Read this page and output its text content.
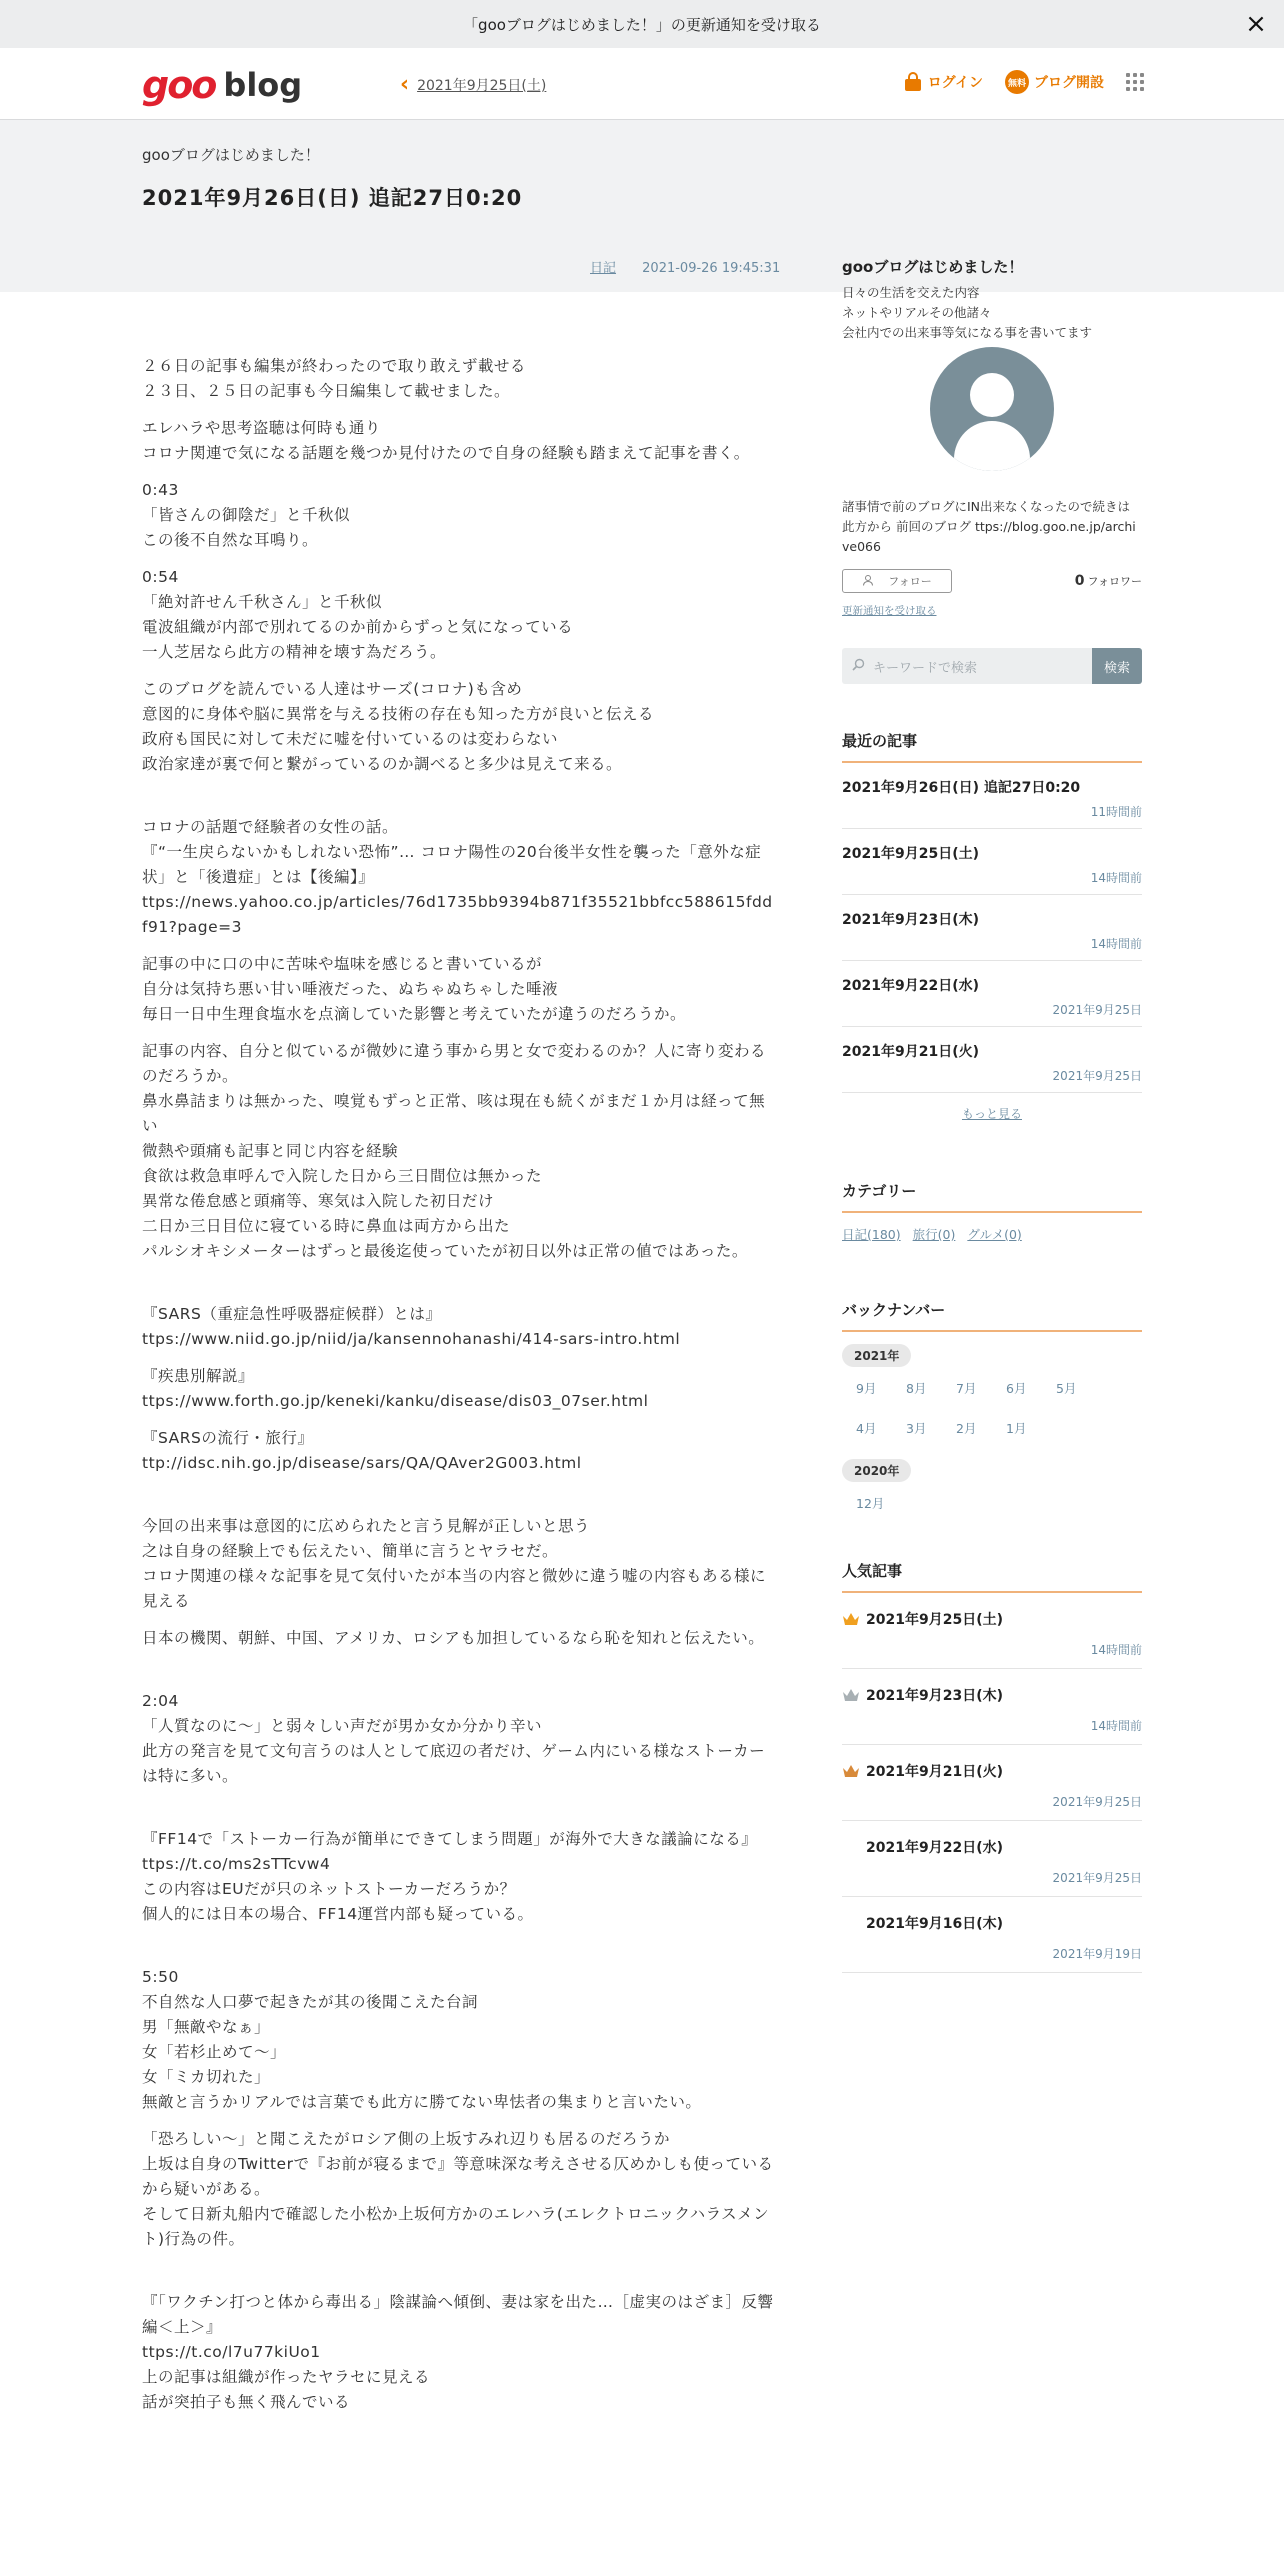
「gooブログはじめました！」の更新通知を受け取る	×
goo blog	‹ 2021年9月25日(土)	ログイン	無料 ブログ開設
gooブログはじめました！
2021年9月26日(日) 追記27日0:20
日記 2021-09-26 19:45:31

２６日の記事も編集が終わったので取り敢えず載せる
２３日、２５日の記事も今日編集して載せました。

エレハラや思考盗聴は何時も通り
コロナ関連で気になる話題を幾つか見付けたので自身の経験も踏まえて記事を書く。

0:43
「皆さんの御陰だ」と千秋似
この後不自然な耳鳴り。

0:54
「絶対許せん千秋さん」と千秋似
電波組織が内部で別れてるのか前からずっと気になっている
一人芝居なら此方の精神を壊す為だろう。

このブログを読んでいる人達はサーズ(コロナ)も含め
意図的に身体や脳に異常を与える技術の存在も知った方が良いと伝える
政府も国民に対して未だに嘘を付いているのは変わらない
政治家達が裏で何と繋がっているのか調べると多少は見えて来る。

コロナの話題で経験者の女性の話。
『“一生戻らないかもしれない恐怖”… コロナ陽性の20台後半女性を襲った「意外な症状」と「後遺症」とは【後編】』
ttps://news.yahoo.co.jp/articles/76d1735bb9394b871f35521bbfcc588615fddf91?page=3

記事の中に口の中に苦味や塩味を感じると書いているが
自分は気持ち悪い甘い唾液だった、ぬちゃぬちゃした唾液
毎日一日中生理食塩水を点滴していた影響と考えていたが違うのだろうか。

記事の内容、自分と似ているが微妙に違う事から男と女で変わるのか？人に寄り変わるのだろうか。
鼻水鼻詰まりは無かった、嗅覚もずっと正常、咳は現在も続くがまだ１か月は経って無い
微熱や頭痛も記事と同じ内容を経験
食欲は救急車呼んで入院した日から三日間位は無かった
異常な倦怠感と頭痛等、寒気は入院した初日だけ
二日か三日目位に寝ている時に鼻血は両方から出た
パルシオキシメーターはずっと最後迄使っていたが初日以外は正常の値ではあった。

『SARS（重症急性呼吸器症候群）とは』
ttps://www.niid.go.jp/niid/ja/kansennohanashi/414-sars-intro.html

『疾患別解説』
ttps://www.forth.go.jp/keneki/kanku/disease/dis03_07ser.html

『SARSの流行・旅行』
ttp://idsc.nih.go.jp/disease/sars/QA/QAver2G003.html

今回の出来事は意図的に広められたと言う見解が正しいと思う
之は自身の経験上でも伝えたい、簡単に言うとヤラセだ。
コロナ関連の様々な記事を見て気付いたが本当の内容と微妙に違う嘘の内容もある様に見える

日本の機関、朝鮮、中国、アメリカ、ロシアも加担しているなら恥を知れと伝えたい。

2:04
「人質なのに〜」と弱々しい声だが男か女か分かり辛い
此方の発言を見て文句言うのは人として底辺の者だけ、ゲーム内にいる様なストーカーは特に多い。

『FF14で「ストーカー行為が簡単にできてしまう問題」が海外で大きな議論になる』
ttps://t.co/ms2sTTcvw4
この内容はEUだが只のネットストーカーだろうか？
個人的には日本の場合、FF14運営内部も疑っている。

5:50
不自然な人口夢で起きたが其の後聞こえた台詞
男「無敵やなぁ」
女「若杉止めて〜」
女「ミカ切れた」
無敵と言うかリアルでは言葉でも此方に勝てない卑怯者の集まりと言いたい。

「恐ろしい〜」と聞こえたがロシア側の上坂すみれ辺りも居るのだろうか
上坂は自身のTwitterで『お前が寝るまで』等意味深な考えさせる仄めかしも使っているから疑いがある。
そして日新丸船内で確認した小松か上坂何方かのエレハラ(エレクトロニックハラスメント)行為の件。

『「ワクチン打つと体から毒出る」陰謀論へ傾倒、妻は家を出た…［虚実のはざま］反響編＜上＞』
ttps://t.co/l7u77kiUo1
上の記事は組織が作ったヤラセに見える
話が突拍子も無く飛んでいる

gooブログはじめました！
日々の生活を交えた内容
ネットやリアルその他諸々
会社内での出来事等気になる事を書いてます
諸事情で前のブログにIN出来なくなったので続きは此方から 前回のブログ ttps://blog.goo.ne.jp/archive066
フォロー	0 フォロワー
更新通知を受け取る
キーワードで検索	検索
最近の記事
2021年9月26日(日) 追記27日0:20
11時間前
2021年9月25日(土)
14時間前
2021年9月23日(木)
14時間前
2021年9月22日(水)
2021年9月25日
2021年9月21日(火)
2021年9月25日
もっと見る
カテゴリー
日記(180) 旅行(0) グルメ(0)
バックナンバー
2021年
9月	8月	7月	6月	5月
4月	3月	2月	1月
2020年
12月
人気記事
2021年9月25日(土)
14時間前
2021年9月23日(木)
14時間前
2021年9月21日(火)
2021年9月25日
2021年9月22日(水)
2021年9月25日
2021年9月16日(木)
2021年9月19日
